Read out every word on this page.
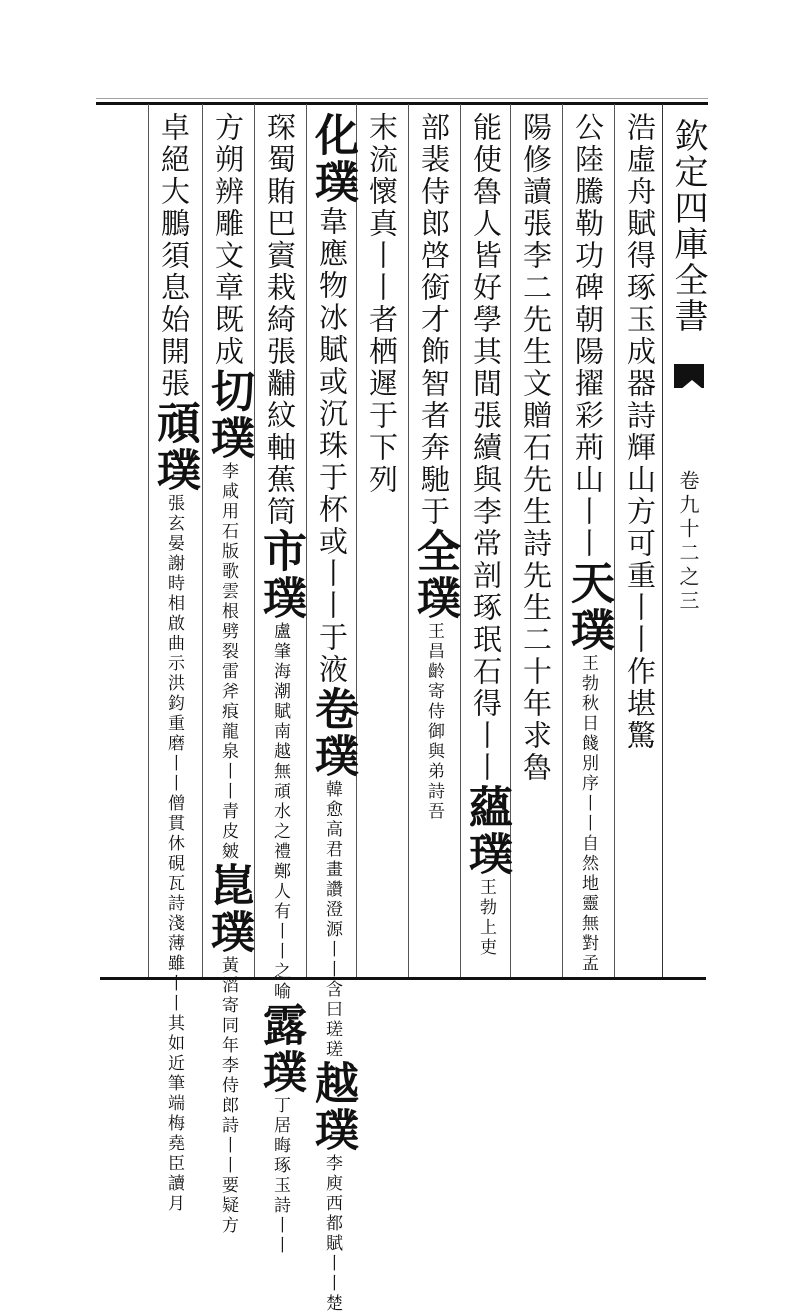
欽定四庫全書
卷九十二之三
浩虛舟賦得琢玉成器詩輝山方可重丨丨作堪驚
公陸騰勒功碑朝陽擢彩荊山丨丨天璞王勃秋日餞別序丨丨自然地靈無對孟
陽修讀張李二先生文贈石先生詩先生二十年求魯
能使魯人皆好學其間張續與李常剖琢珉石得丨丨蘊璞王勃上吏
部裴侍郎啓銜才飾智者奔馳于全璞王昌齡寄侍御與弟詩吾
末流懷真丨丨者栖遲于下列
化璞韋應物冰賦或沉珠于杯或丨丨于液卷璞韓愈高君畫讚澄源丨丨含曰瑳瑳越璞李庾西都賦丨丨楚
琛蜀賄巴賨栽綺張黼紋軸蕉筒市璞盧肇海潮賦南越無頑水之禮鄭人有丨丨之喻露璞丁居晦琢玉詩丨丨
方朔辨雕文章既成切璞李咸用石版歌雲根劈裂雷斧痕龍泉丨丨青皮皴崑璞黃滔寄同年李侍郎詩丨丨要疑方
卓絕大鵬須息始開張頑璞張玄晏謝時相啟曲示洪鈞重磨丨丨僧貫休硯瓦詩淺薄雖丨丨其如近筆端梅堯臣讀月
